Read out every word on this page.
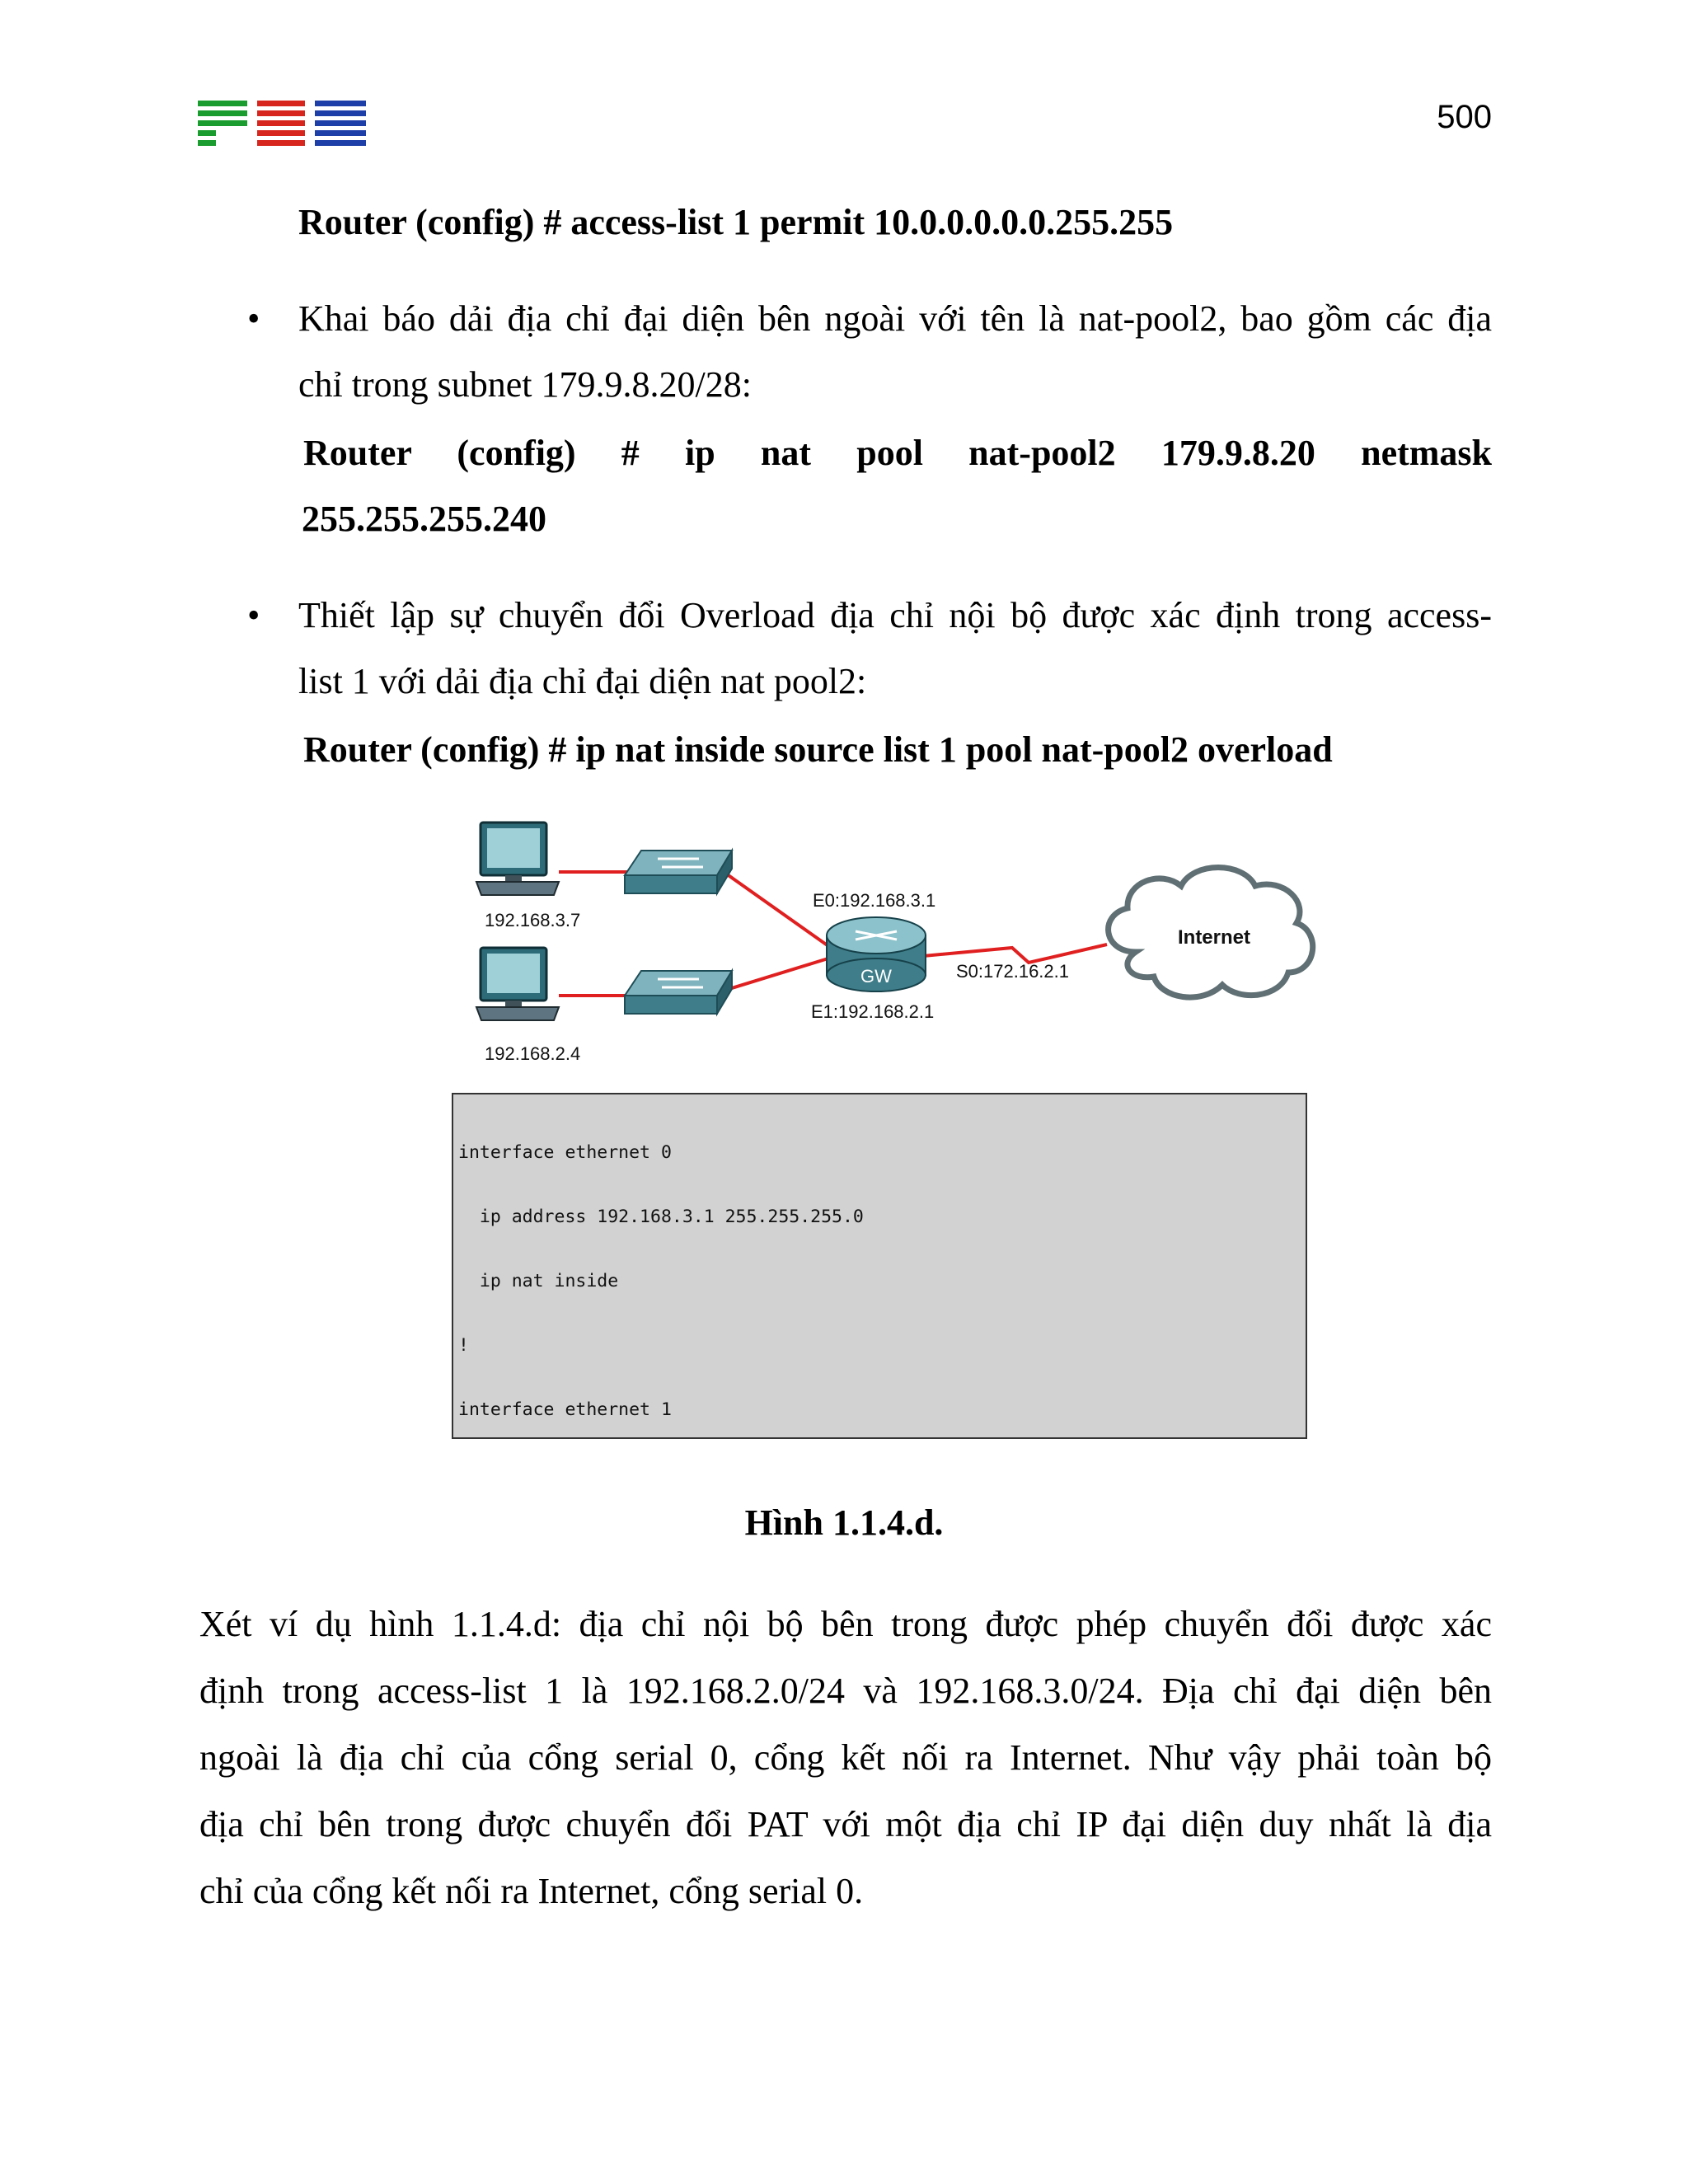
500
Router (config) # access-list 1 permit 10.0.0.0.0.0.255.255
• Khai báo dải địa chỉ đại diện bên ngoài với tên là nat-pool2, bao gồm các địa
chỉ trong subnet 179.9.8.20/28:
Router (config) # ip nat pool nat-pool2 179.9.8.20 netmask
255.255.255.240
• Thiết lập sự chuyển đổi Overload địa chỉ nội bộ được xác định trong access-
list 1 với dải địa chỉ đại diện nat pool2:
Router (config) # ip nat inside source list 1 pool nat-pool2 overload
192.168.3.7
192.168.2.4
GW
E0:192.168.3.1
E1:192.168.2.1
S0:172.16.2.1
Internet

interface ethernet 0

ip address 192.168.3.1 255.255.255.0

ip nat inside

!

interface ethernet 1

Hình 1.1.4.d.
Xét ví dụ hình 1.1.4.d: địa chỉ nội bộ bên trong được phép chuyển đổi được xác
định trong access-list 1 là 192.168.2.0/24 và 192.168.3.0/24. Địa chỉ đại diện bên
ngoài là địa chỉ của cổng serial 0, cổng kết nối ra Internet. Như vậy phải toàn bộ
địa chỉ bên trong được chuyển đổi PAT với một địa chỉ IP đại diện duy nhất là địa
chỉ của cổng kết nối ra Internet, cổng serial 0.
